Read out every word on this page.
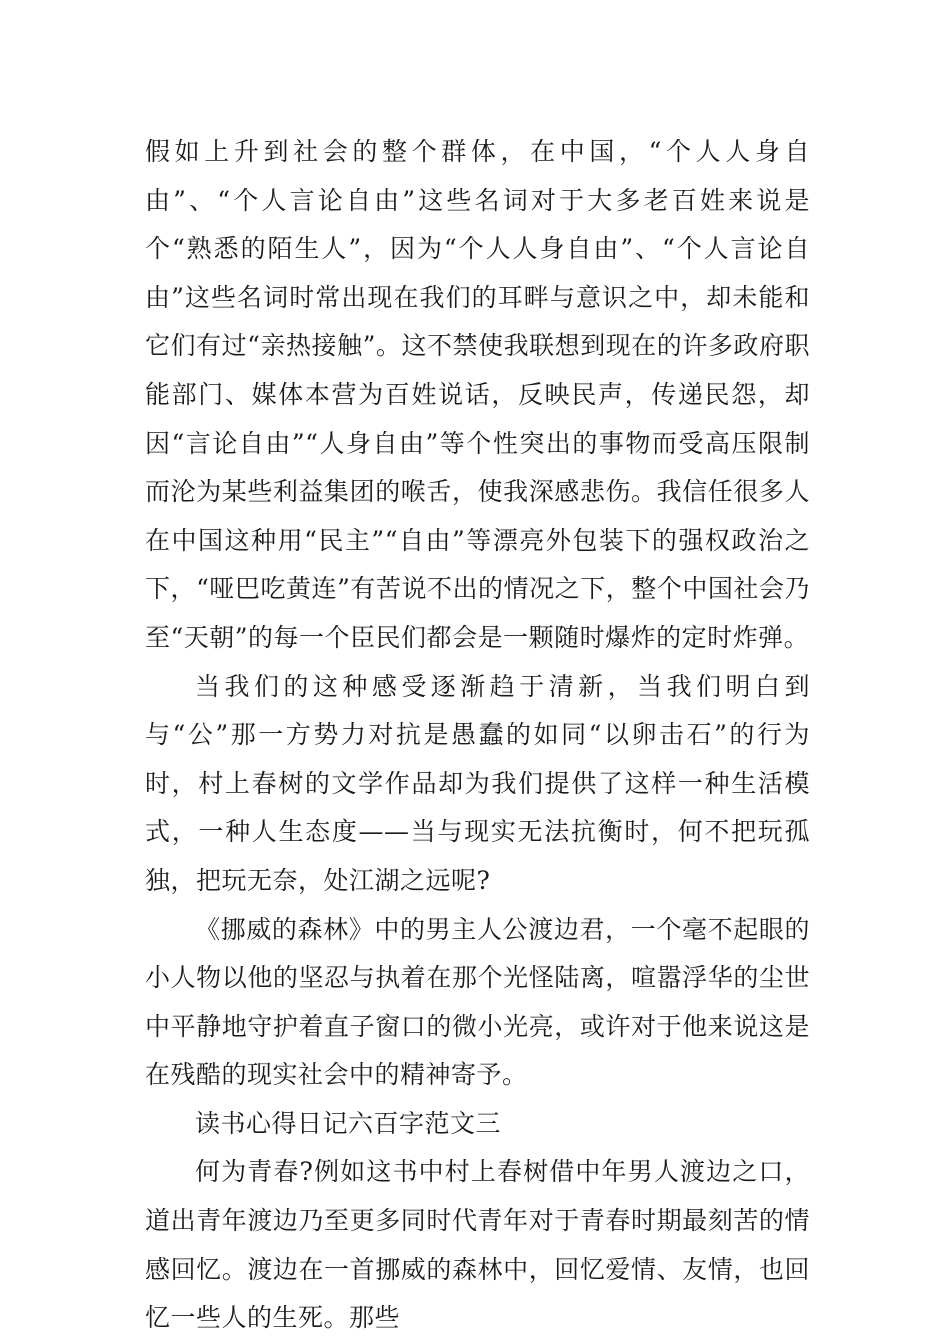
假如上升到社会的整个群体，在中国，“个人人身自由”、“个人言论自由”这些名词对于大多老百姓来说是个“熟悉的陌生人”，因为“个人人身自由”、“个人言论自由”这些名词时常出现在我们的耳畔与意识之中，却未能和它们有过“亲热接触”。这不禁使我联想到现在的许多政府职能部门、媒体本营为百姓说话，反映民声，传递民怨，却因“言论自由”“人身自由”等个性突出的事物而受高压限制而沦为某些利益集团的喉舌，使我深感悲伤。我信任很多人在中国这种用“民主”“自由”等漂亮外包装下的强权政治之下，“哑巴吃黄连”有苦说不出的情况之下，整个中国社会乃至“天朝”的每一个臣民们都会是一颗随时爆炸的定时炸弹。

当我们的这种感受逐渐趋于清新，当我们明白到与“公”那一方势力对抗是愚蠢的如同“以卵击石”的行为时，村上春树的文学作品却为我们提供了这样一种生活模式，一种人生态度——当与现实无法抗衡时，何不把玩孤独，把玩无奈，处江湖之远呢?

《挪威的森林》中的男主人公渡边君，一个毫不起眼的小人物以他的坚忍与执着在那个光怪陆离，喧嚣浮华的尘世中平静地守护着直子窗口的微小光亮，或许对于他来说这是在残酷的现实社会中的精神寄予。

读书心得日记六百字范文三

何为青春?例如这书中村上春树借中年男人渡边之口，道出青年渡边乃至更多同时代青年对于青春时期最刻苦的情感回忆。渡边在一首挪威的森林中，回忆爱情、友情，也回忆一些人的生死。那些
